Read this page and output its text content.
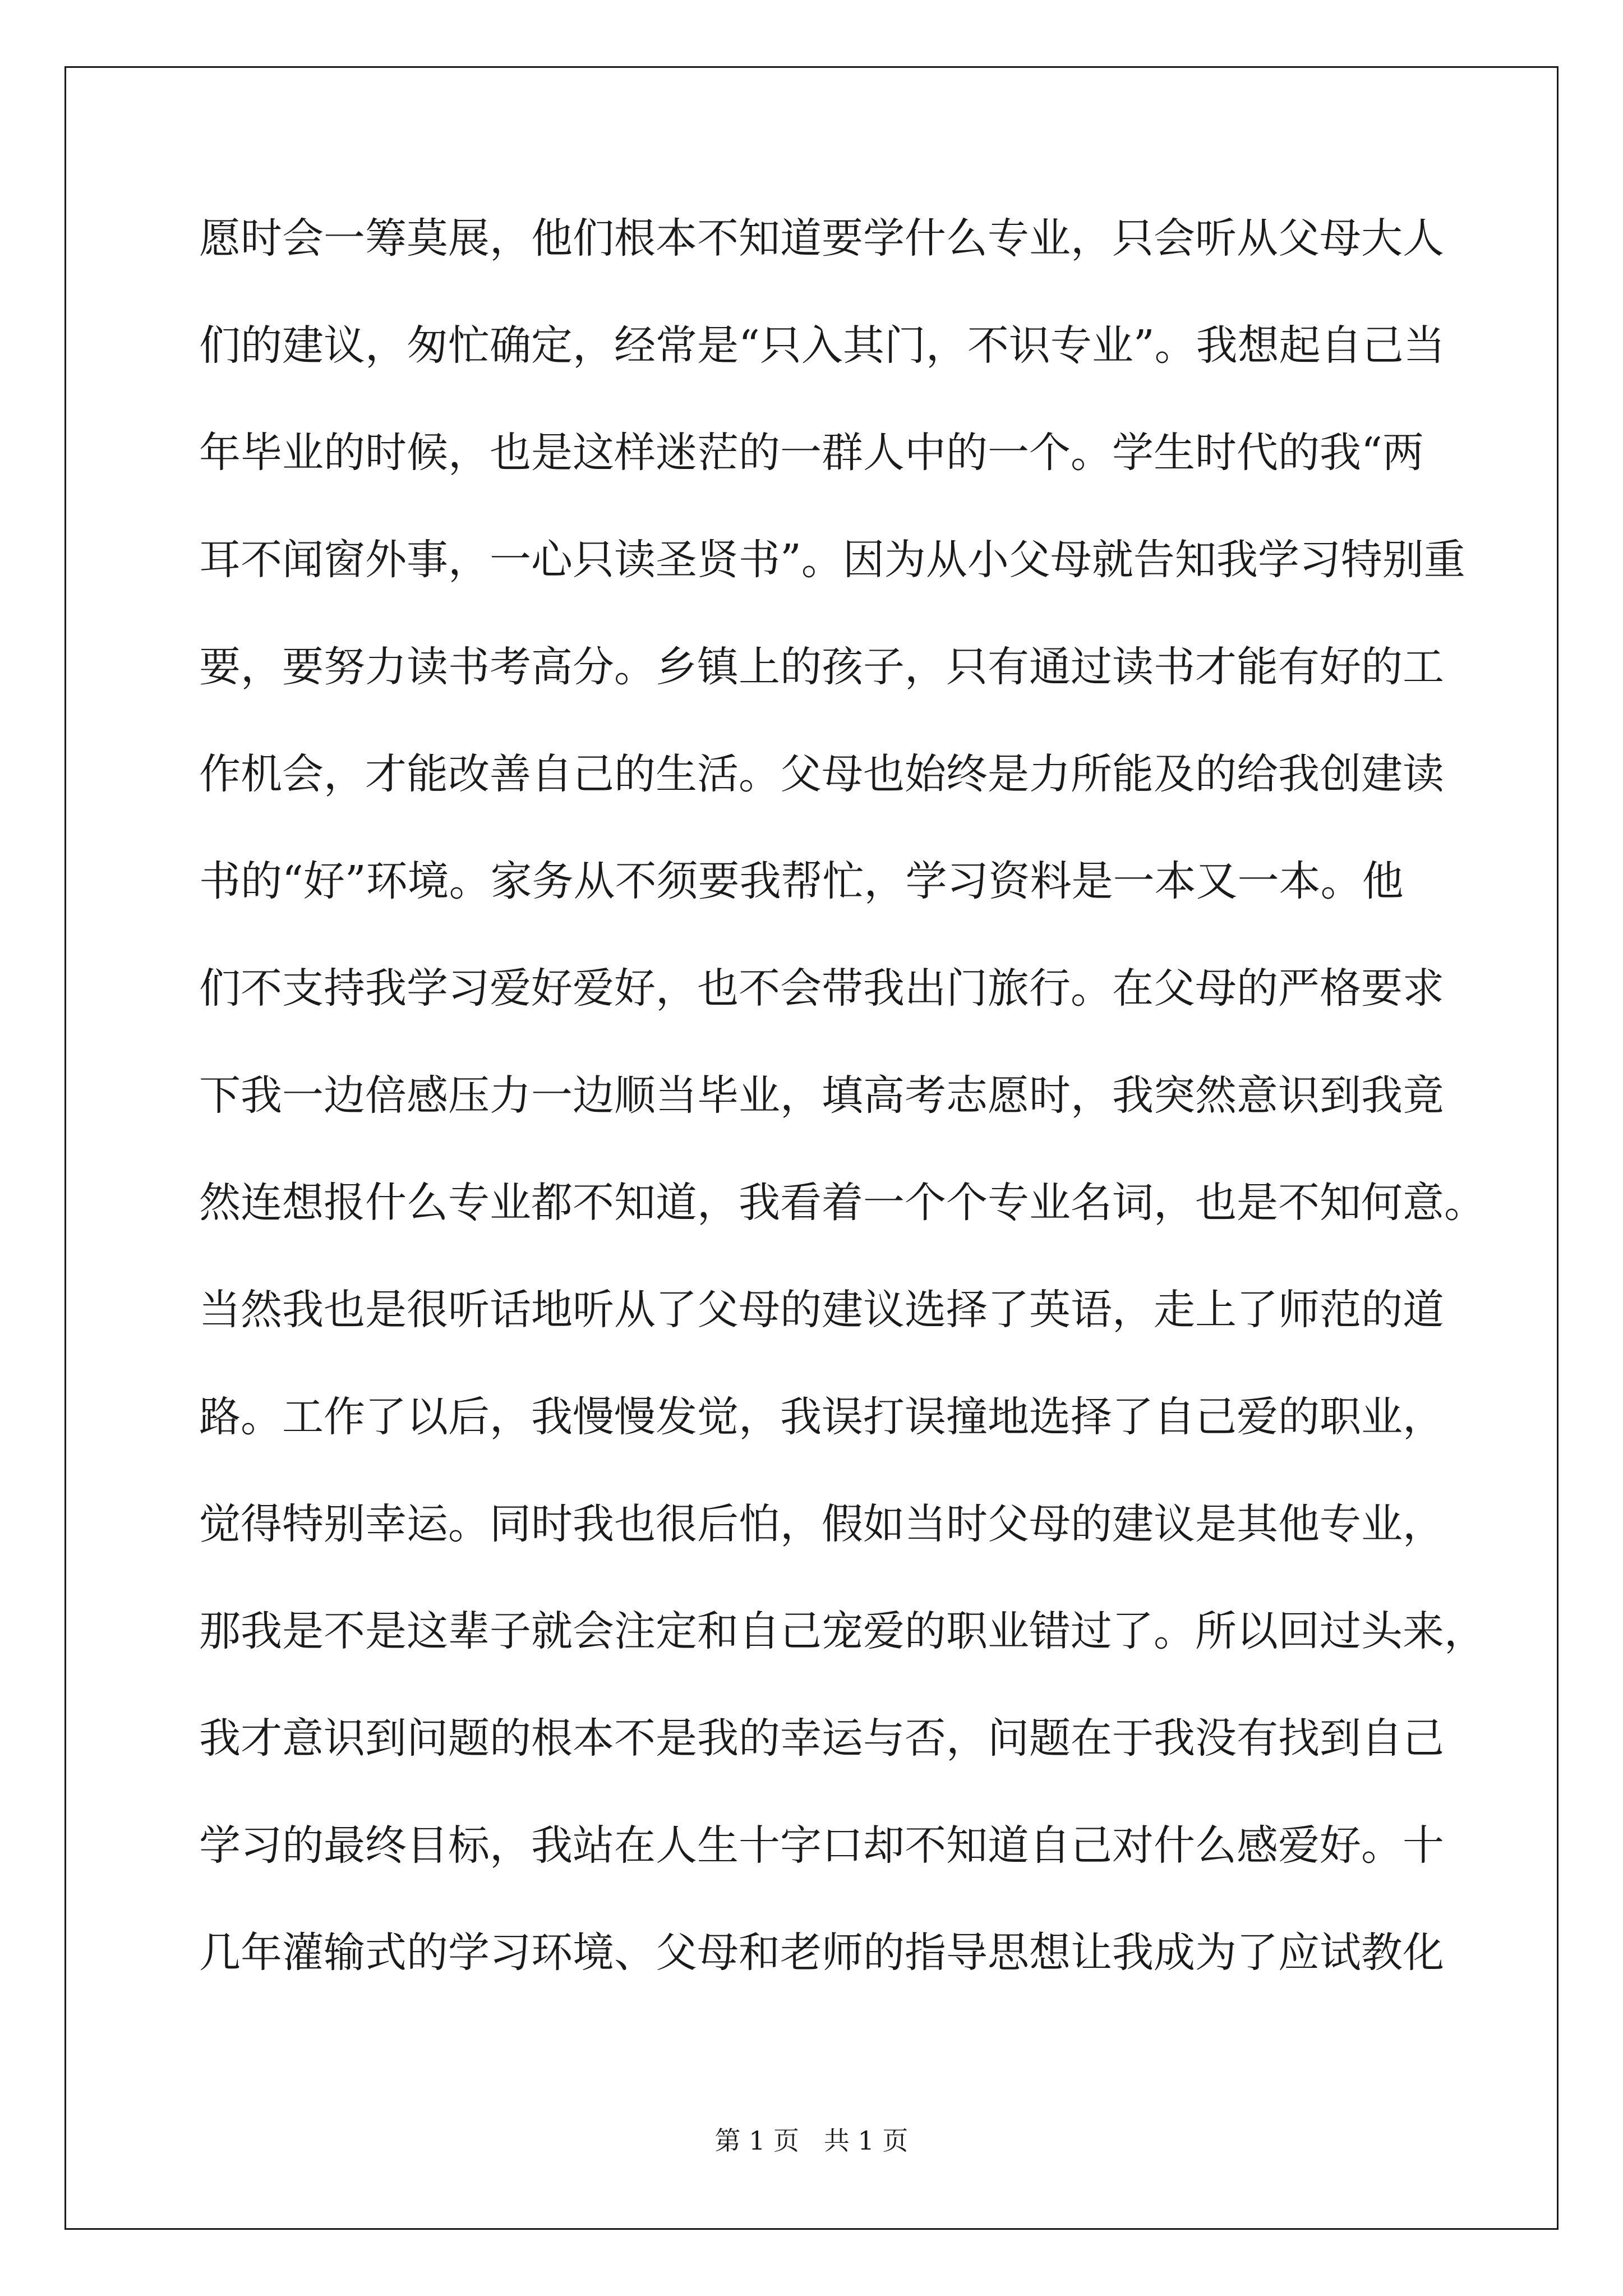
愿时会一筹莫展，他们根本不知道要学什么专业，只会听从父母大人
们的建议，匆忙确定，经常是“只入其门，不识专业”。我想起自己当
年毕业的时候，也是这样迷茫的一群人中的一个。学生时代的我“两
耳不闻窗外事，一心只读圣贤书”。因为从小父母就告知我学习特别重
要，要努力读书考高分。乡镇上的孩子，只有通过读书才能有好的工
作机会，才能改善自己的生活。父母也始终是力所能及的给我创建读
书的“好”环境。家务从不须要我帮忙，学习资料是一本又一本。他
们不支持我学习爱好爱好，也不会带我出门旅行。在父母的严格要求
下我一边倍感压力一边顺当毕业，填高考志愿时，我突然意识到我竟
然连想报什么专业都不知道，我看着一个个专业名词，也是不知何意。
当然我也是很听话地听从了父母的建议选择了英语，走上了师范的道
路。工作了以后，我慢慢发觉，我误打误撞地选择了自己爱的职业，
觉得特别幸运。同时我也很后怕，假如当时父母的建议是其他专业，
那我是不是这辈子就会注定和自己宠爱的职业错过了。所以回过头来，
我才意识到问题的根本不是我的幸运与否，问题在于我没有找到自己
学习的最终目标，我站在人生十字口却不知道自己对什么感爱好。十
几年灌输式的学习环境、父母和老师的指导思想让我成为了应试教化
第 1 页   共 1 页
